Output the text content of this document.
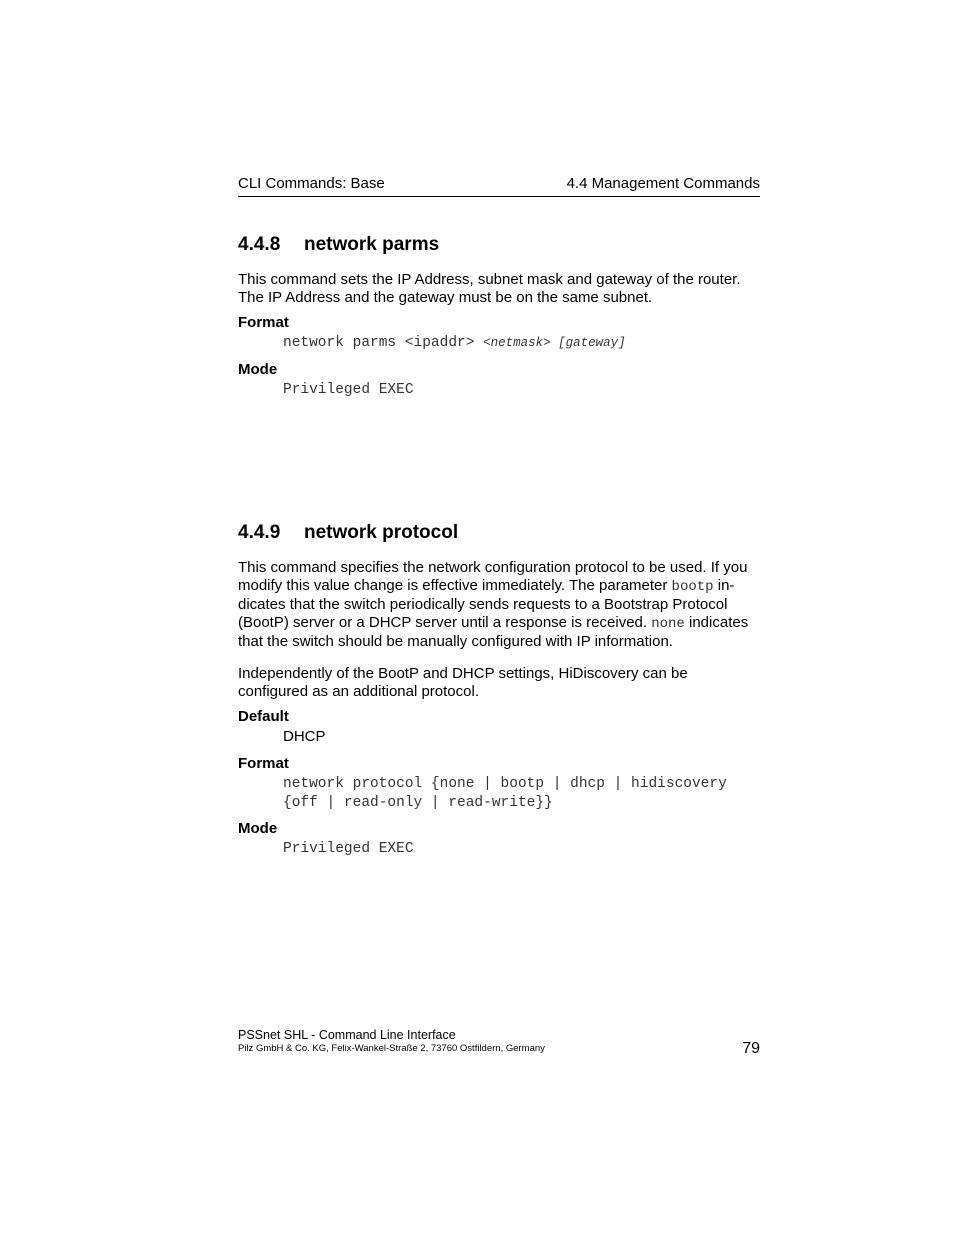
CLI Commands: Base	4.4 Management Commands
4.4.8 network parms

This command sets the IP Address, subnet mask and gateway of the router.

The IP Address and the gateway must be on the same subnet.

Format
network parms <ipaddr> <netmask> [gateway]
Mode
Privileged EXEC
4.4.9 network protocol

This command specifies the network configuration protocol to be used. If you

modify this value change is effective immediately. The parameter bootp in-

dicates that the switch periodically sends requests to a Bootstrap Protocol

(BootP) server or a DHCP server until a response is received. none indicates

that the switch should be manually configured with IP information.

Independently of the BootP and DHCP settings, HiDiscovery can be

configured as an additional protocol.

Default
DHCP
Format
network protocol {none | bootp | dhcp | hidiscovery
{off | read-only | read-write}}
Mode
Privileged EXEC
PSSnet SHL - Command Line Interface
Pilz GmbH & Co. KG, Felix-Wankel-Straße 2, 73760 Ostfildern, Germany	79
